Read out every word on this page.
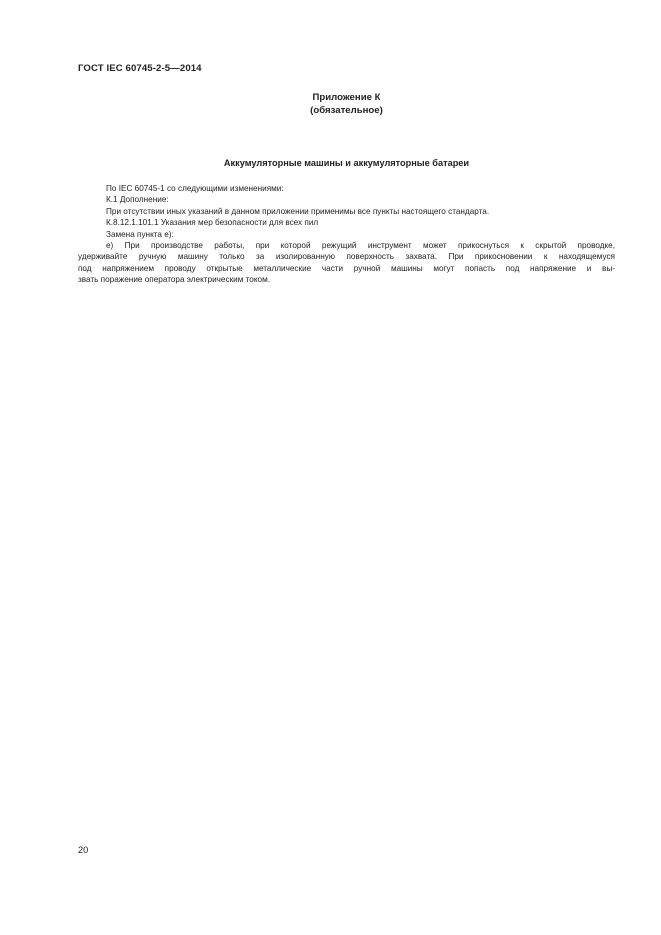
ГОСТ IEC 60745-2-5—2014
Приложение К
(обязательное)
Аккумуляторные машины и аккумуляторные батареи
По IEC 60745-1 со следующими изменениями:
К.1 Дополнение:
При отсутствии иных указаний в данном приложении применимы все пункты настоящего стандарта.
К.8.12.1.101.1 Указания мер безопасности для всех пил
Замена пункта е):
е) При производстве работы, при которой режущий инструмент может прикоснуться к скрытой проводке,
удерживайте ручную машину только за изолированную поверхность захвата. При прикосновении к находящемуся
под напряжением проводу открытые металлические части ручной машины могут попасть под напряжение и вы-
звать поражение оператора электрическим током.
20
